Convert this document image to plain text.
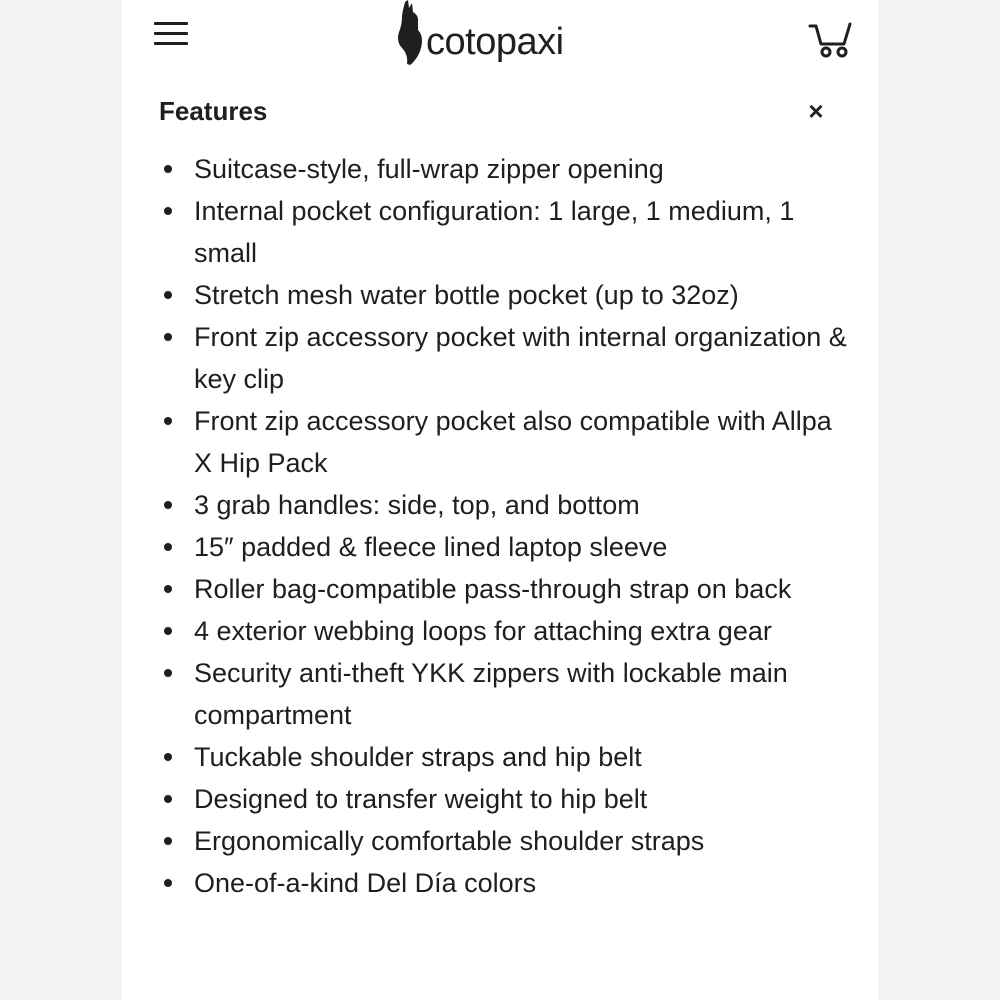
cotopaxi
Features	×
Suitcase-style, full-wrap zipper opening
Internal pocket configuration: 1 large, 1 medium, 1 small
Stretch mesh water bottle pocket (up to 32oz)
Front zip accessory pocket with internal organization & key clip
Front zip accessory pocket also compatible with Allpa X Hip Pack
3 grab handles: side, top, and bottom
15″ padded & fleece lined laptop sleeve
Roller bag-compatible pass-through strap on back
4 exterior webbing loops for attaching extra gear
Security anti-theft YKK zippers with lockable main compartment
Tuckable shoulder straps and hip belt
Designed to transfer weight to hip belt
Ergonomically comfortable shoulder straps
One-of-a-kind Del Día colors
